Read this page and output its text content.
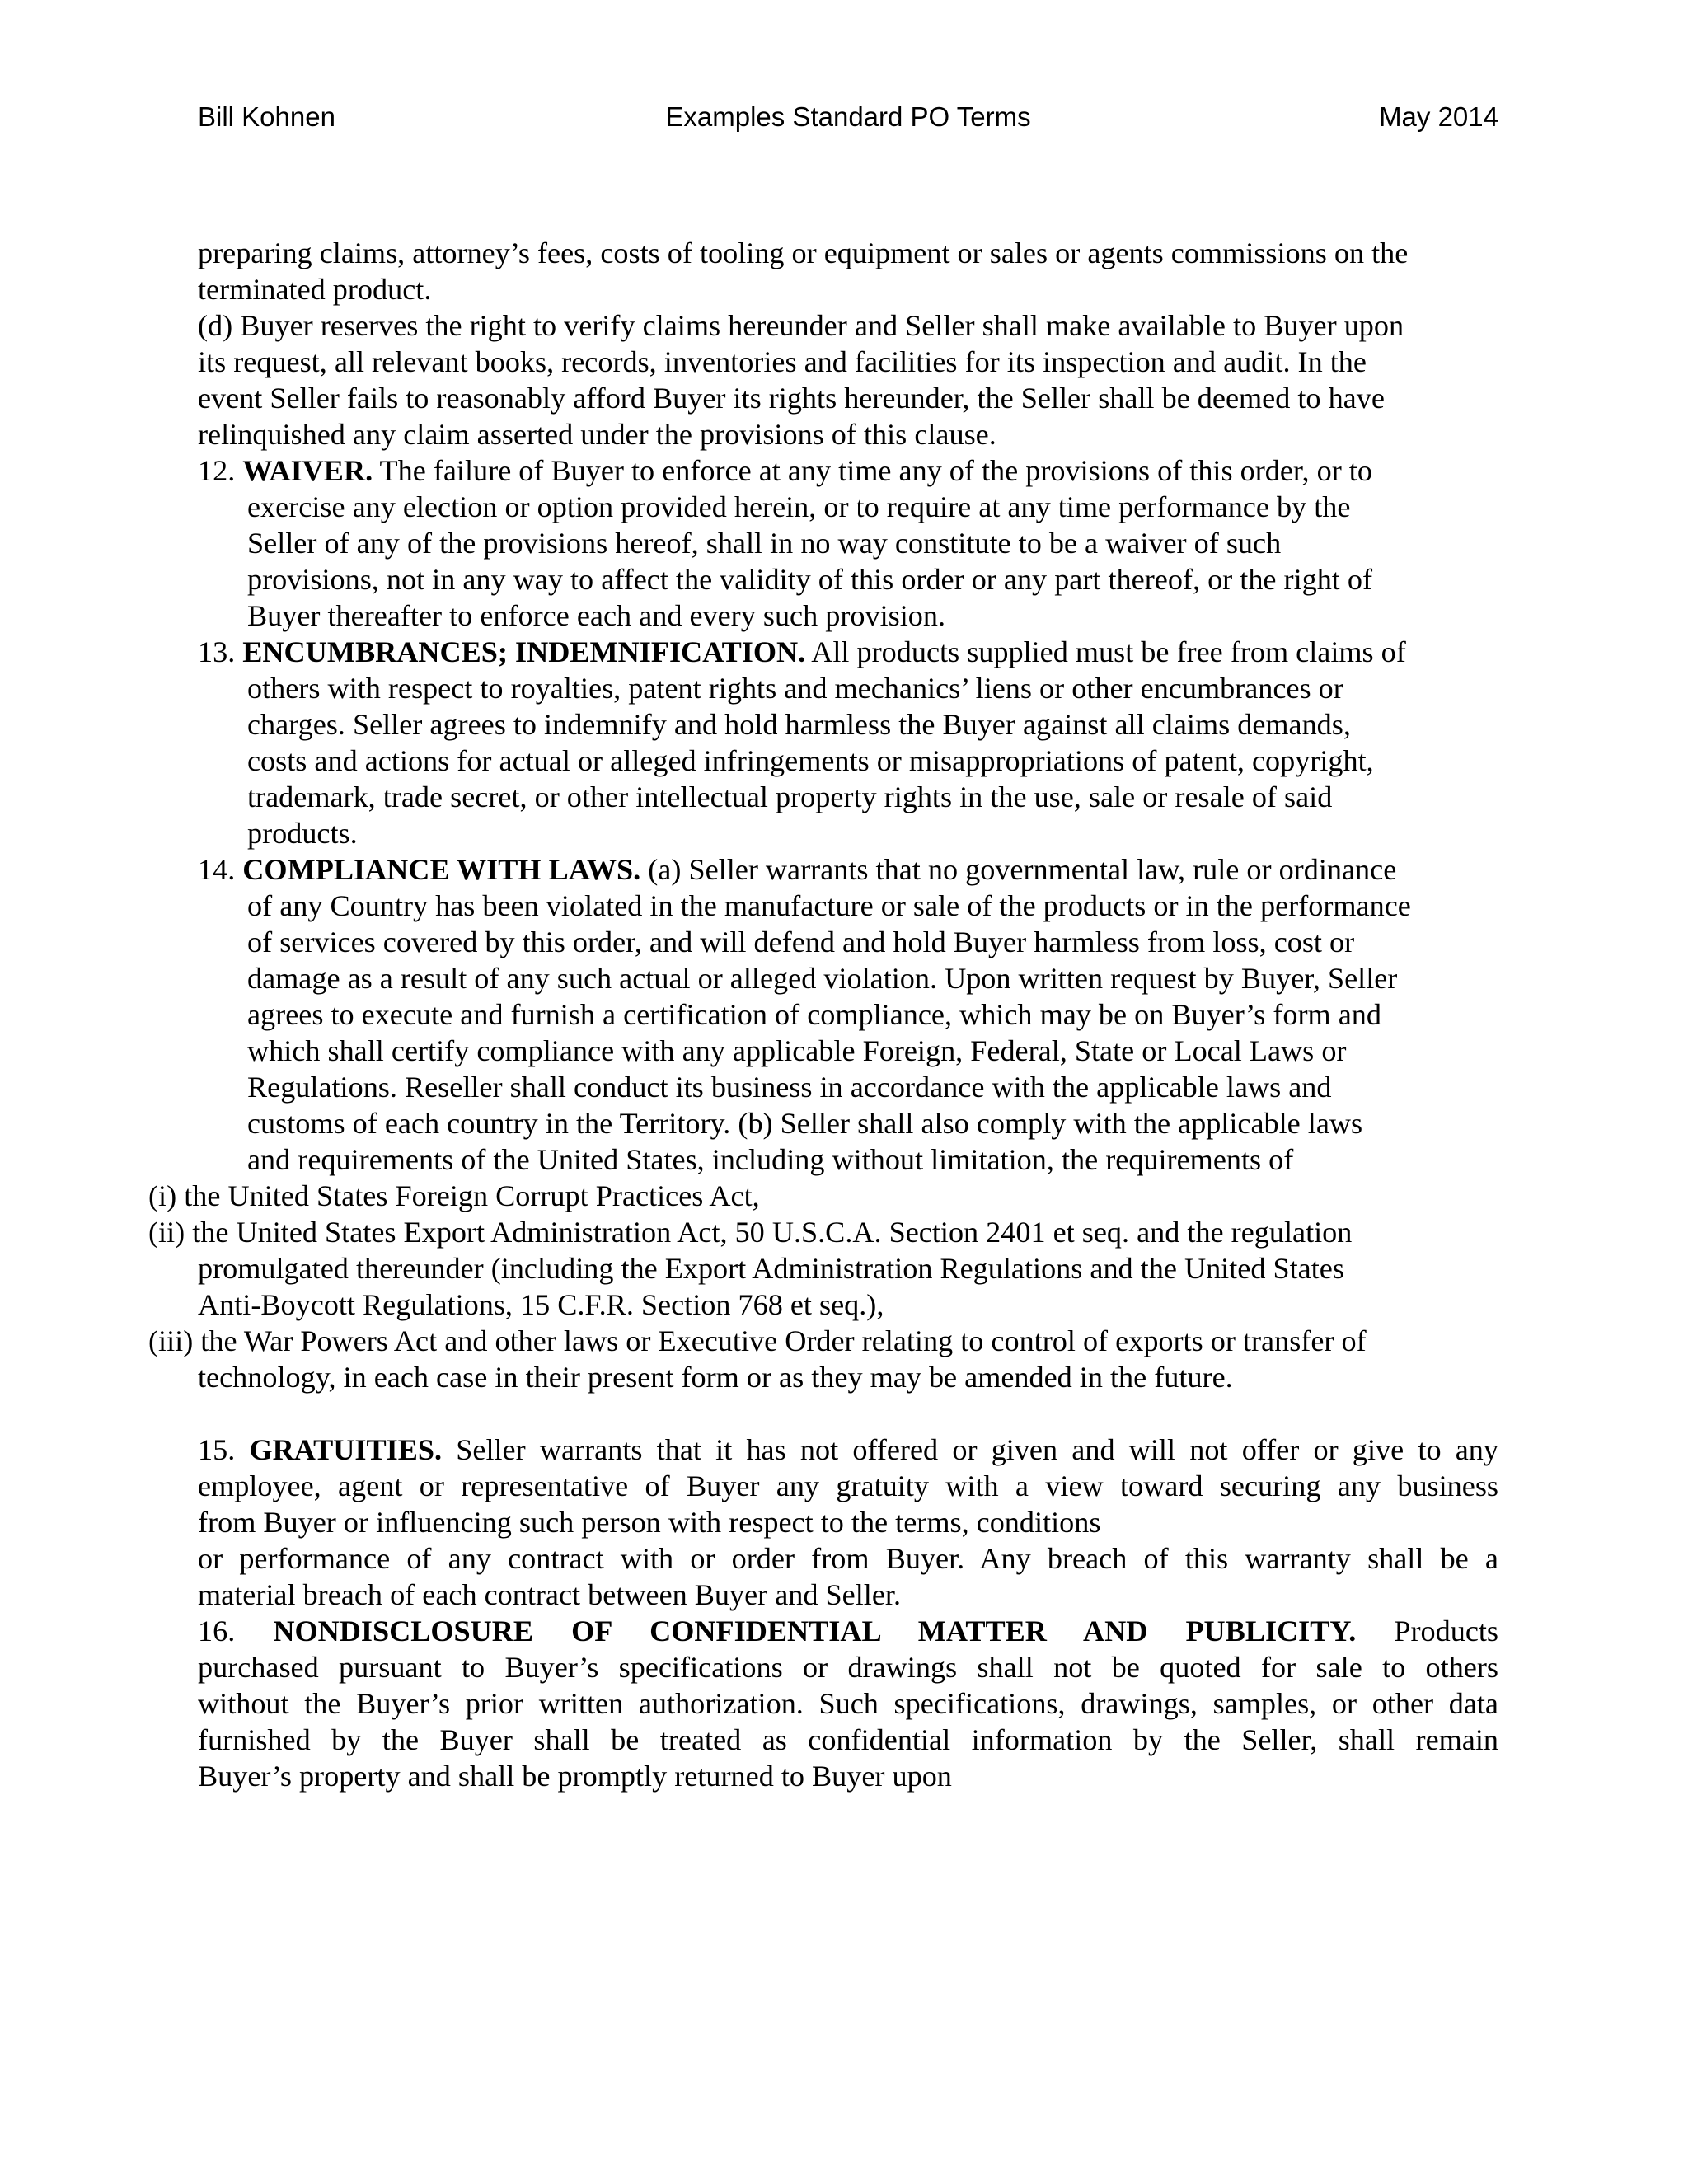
Bill Kohnen	Examples Standard PO Terms	May 2014

preparing claims, attorney’s fees, costs of tooling or equipment or sales or agents commissions on the

terminated product.

(d) Buyer reserves the right to verify claims hereunder and Seller shall make available to Buyer upon

its request, all relevant books, records, inventories and facilities for its inspection and audit. In the

event Seller fails to reasonably afford Buyer its rights hereunder, the Seller shall be deemed to have

relinquished any claim asserted under the provisions of this clause.

12. WAIVER. The failure of Buyer to enforce at any time any of the provisions of this order, or to

exercise any election or option provided herein, or to require at any time performance by the

Seller of any of the provisions hereof, shall in no way constitute to be a waiver of such

provisions, not in any way to affect the validity of this order or any part thereof, or the right of

Buyer thereafter to enforce each and every such provision.

13. ENCUMBRANCES; INDEMNIFICATION. All products supplied must be free from claims of

others with respect to royalties, patent rights and mechanics’ liens or other encumbrances or

charges. Seller agrees to indemnify and hold harmless the Buyer against all claims demands,

costs and actions for actual or alleged infringements or misappropriations of patent, copyright,

trademark, trade secret, or other intellectual property rights in the use, sale or resale of said

products.

14. COMPLIANCE WITH LAWS. (a) Seller warrants that no governmental law, rule or ordinance

of any Country has been violated in the manufacture or sale of the products or in the performance

of services covered by this order, and will defend and hold Buyer harmless from loss, cost or

damage as a result of any such actual or alleged violation. Upon written request by Buyer, Seller

agrees to execute and furnish a certification of compliance, which may be on Buyer’s form and

which shall certify compliance with any applicable Foreign, Federal, State or Local Laws or

Regulations. Reseller shall conduct its business in accordance with the applicable laws and

customs of each country in the Territory. (b) Seller shall also comply with the applicable laws

and requirements of the United States, including without limitation, the requirements of

(i) the United States Foreign Corrupt Practices Act,

(ii) the United States Export Administration Act, 50 U.S.C.A. Section 2401 et seq. and the regulation

promulgated thereunder (including the Export Administration Regulations and the United States

Anti-Boycott Regulations, 15 C.F.R. Section 768 et seq.),

(iii) the War Powers Act and other laws or Executive Order relating to control of exports or transfer of

technology, in each case in their present form or as they may be amended in the future.

15. GRATUITIES. Seller warrants that it has not offered or given and will not offer or give to any
employee, agent or representative of Buyer any gratuity with a view toward securing any business
from Buyer or influencing such person with respect to the terms, conditions
or performance of any contract with or order from Buyer. Any breach of this warranty shall be a
material breach of each contract between Buyer and Seller.
16. NONDISCLOSURE OF CONFIDENTIAL MATTER AND PUBLICITY. Products
purchased pursuant to Buyer’s specifications or drawings shall not be quoted for sale to others
without the Buyer’s prior written authorization. Such specifications, drawings, samples, or other data
furnished by the Buyer shall be treated as confidential information by the Seller, shall remain
Buyer’s property and shall be promptly returned to Buyer upon
